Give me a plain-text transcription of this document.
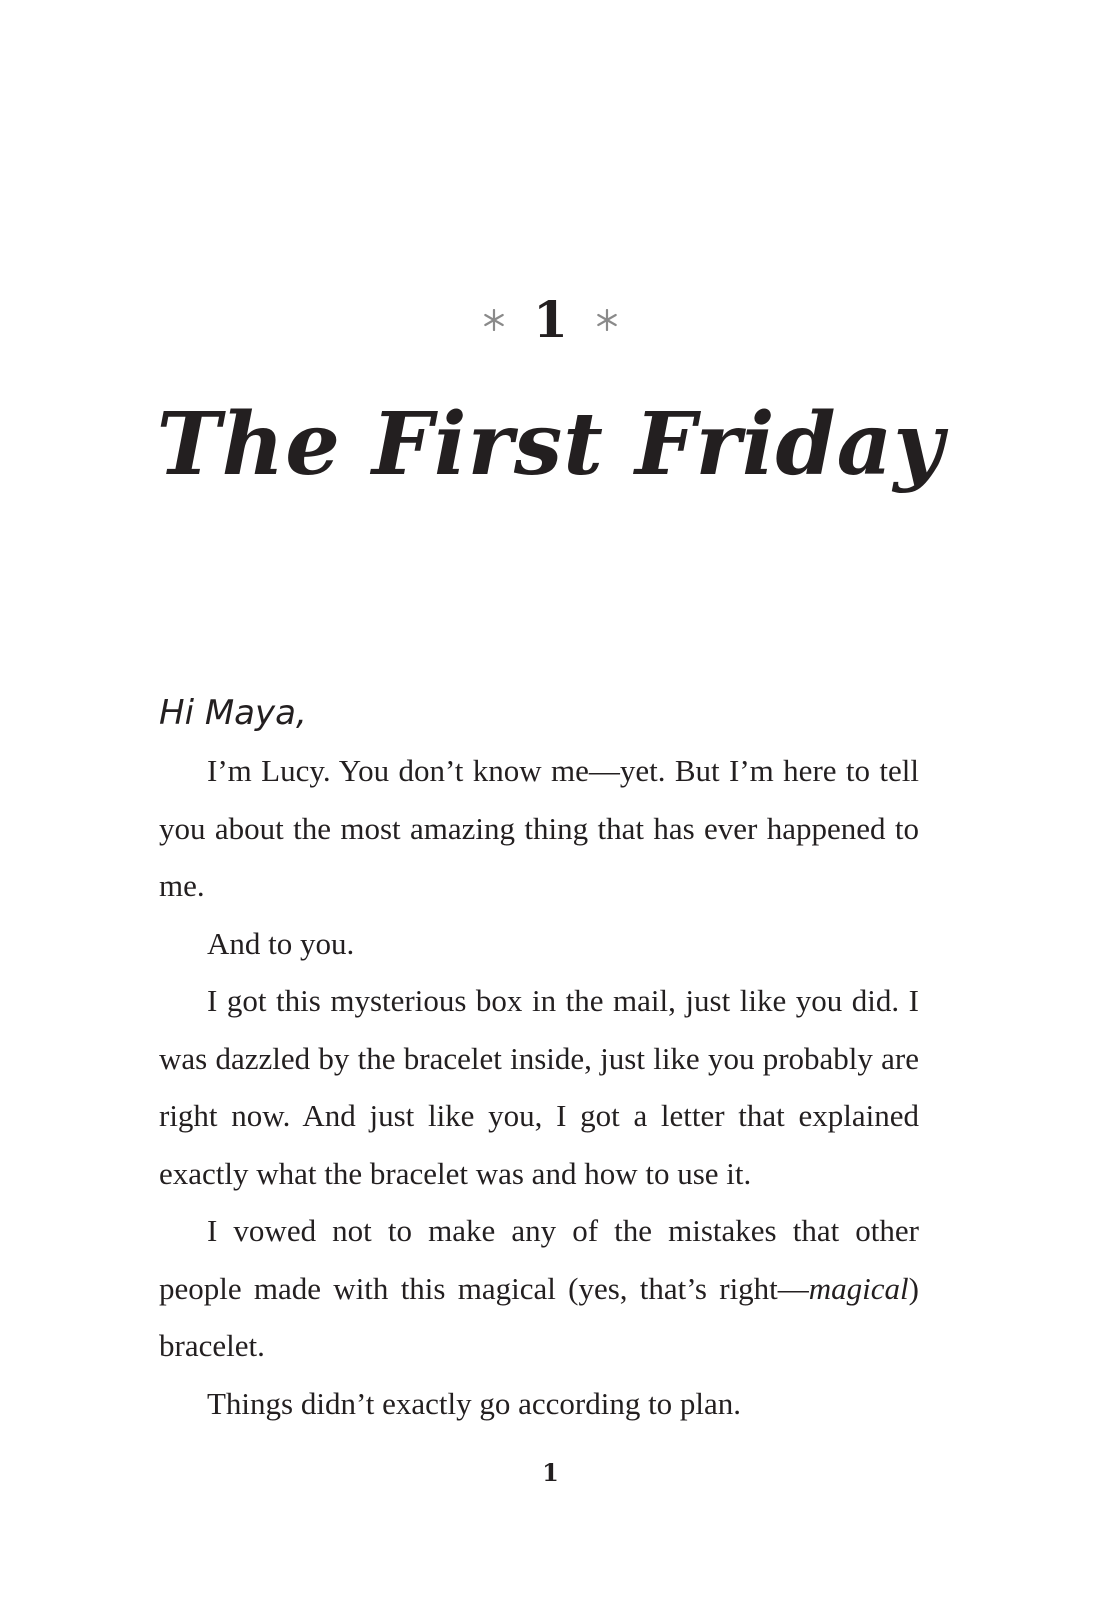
1
The First Friday
Hi Maya,

I’m Lucy. You don’t know me—yet. But I’m here to tell you about the most amazing thing that has ever happened to me.

And to you.

I got this mysterious box in the mail, just like you did. I was dazzled by the bracelet inside, just like you probably are right now. And just like you, I got a letter that explained exactly what the bracelet was and how to use it.

I vowed not to make any of the mistakes that other people made with this magical (yes, that’s right—magical) bracelet.

Things didn’t exactly go according to plan.

1
